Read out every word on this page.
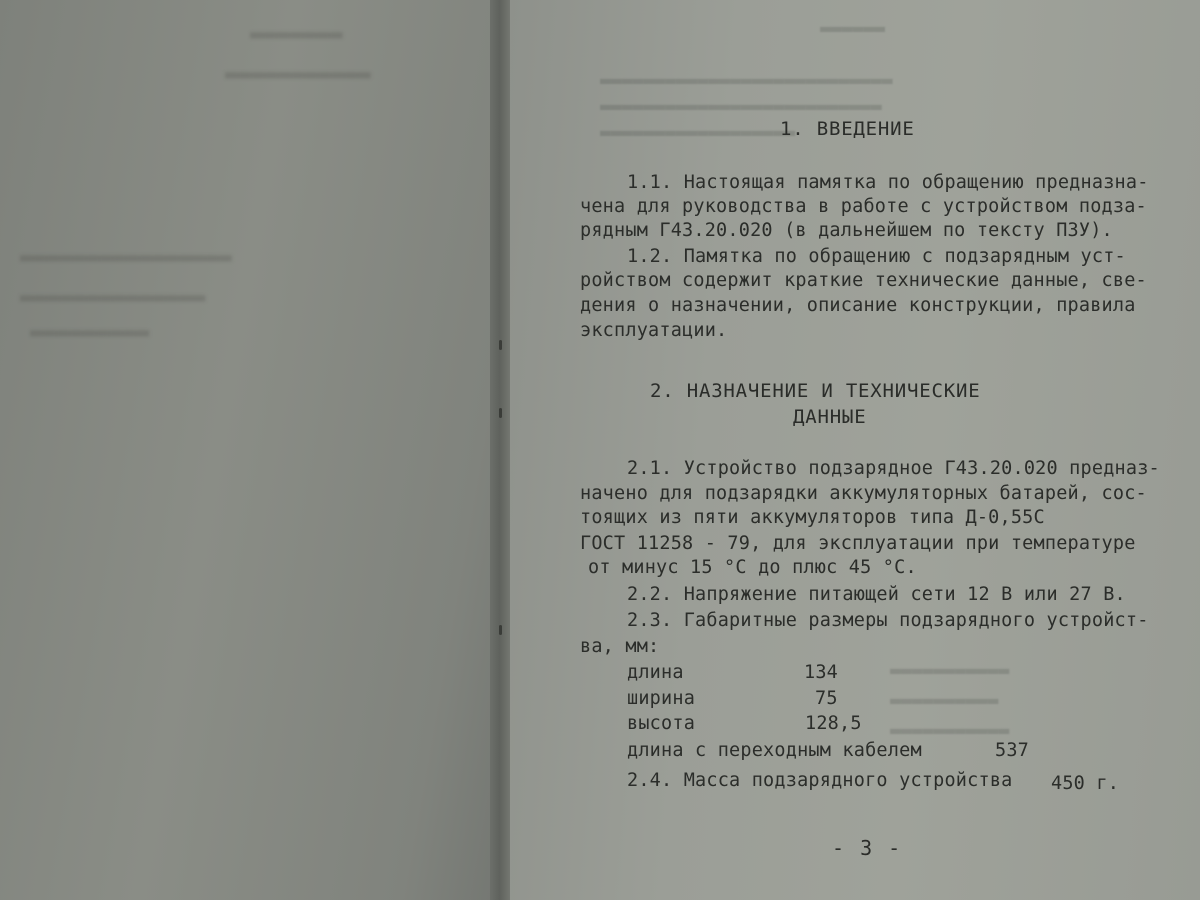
▬▬▬▬▬▬▬
▬▬▬▬▬▬▬▬▬▬▬
▬▬▬▬▬▬▬▬▬▬▬▬▬▬▬▬
▬▬▬▬▬▬▬▬▬▬▬▬▬▬
▬▬▬▬▬▬▬▬▬
▬▬▬▬▬▬
▬▬▬▬▬▬▬▬▬▬▬▬▬▬▬▬▬▬▬▬▬▬▬▬▬▬▬
▬▬▬▬▬▬▬▬▬▬▬▬▬▬▬▬▬▬▬▬▬▬▬▬▬▬
▬▬▬▬▬▬▬▬▬▬▬▬▬▬▬▬▬▬
▬▬▬▬▬▬▬▬▬▬▬
▬▬▬▬▬▬▬▬▬▬
▬▬▬▬▬▬▬▬▬▬▬
1. ВВЕДЕНИЕ
1.1. Настоящая памятка по обращению предназна-
чена для руководства в работе с устройством подза-
рядным Г43.20.020 (в дальнейшем по тексту ПЗУ).
1.2. Памятка по обращению с подзарядным уст-
ройством содержит краткие технические данные, све-
дения о назначении, описание конструкции, правила
эксплуатации.
2. НАЗНАЧЕНИЕ И ТЕХНИЧЕСКИЕ
ДАННЫЕ
2.1. Устройство подзарядное Г43.20.020 предназ-
начено для подзарядки аккумуляторных батарей, сос-
тоящих из пяти аккумуляторов типа Д-0,55С
ГОСТ 11258 - 79, для эксплуатации при температуре
от минус 15 °С до плюс 45 °С.
2.2. Напряжение питающей сети 12 В или 27 В.
2.3. Габаритные размеры подзарядного устройст-
ва, мм:
длина	134
ширина	75
высота	128,5
длина с переходным кабелем	537
2.4. Масса подзарядного устройства 450 г.
- 3 -
